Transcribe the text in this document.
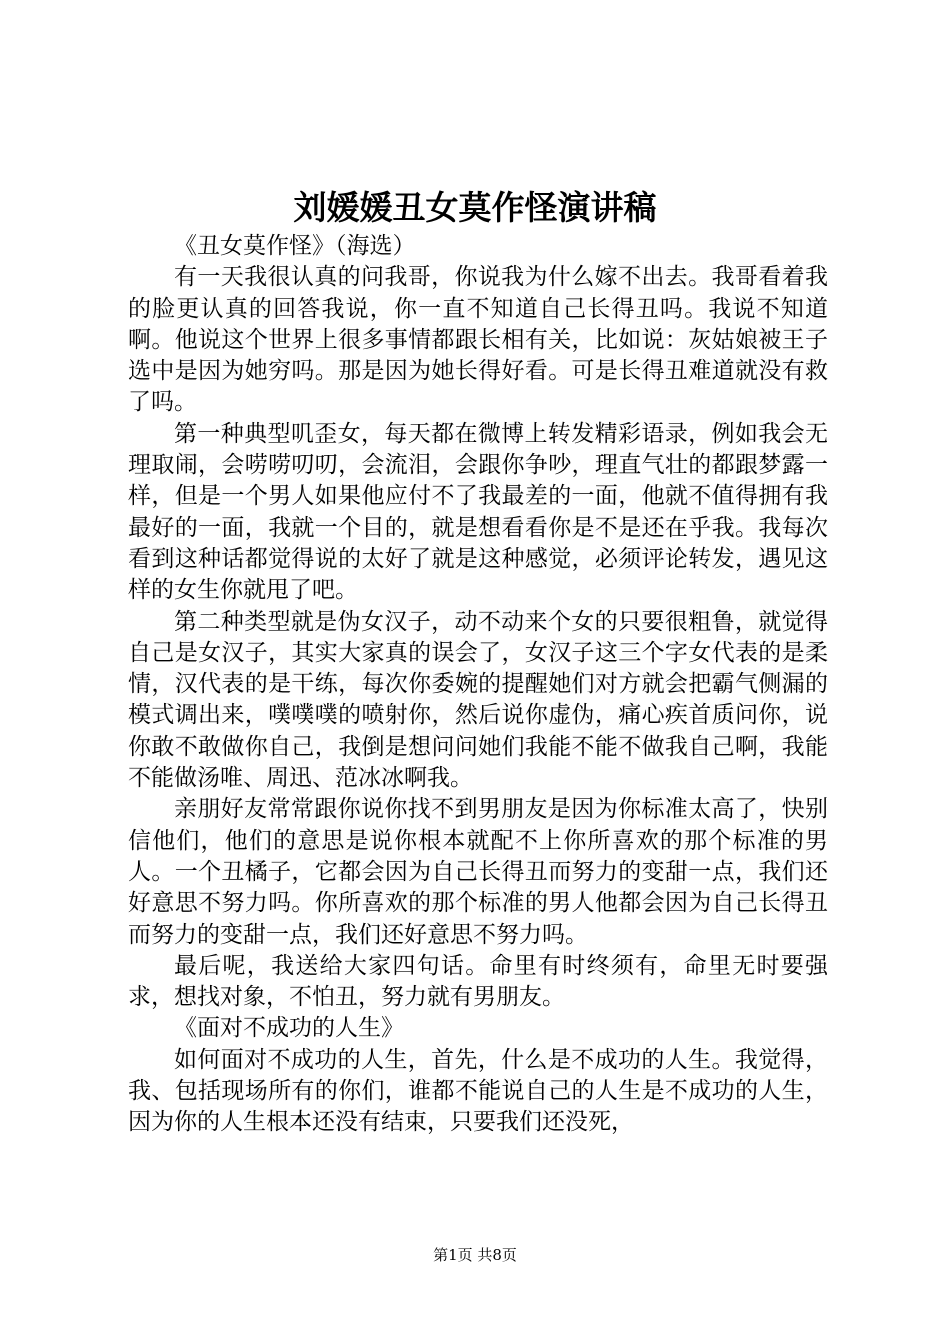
刘媛媛丑女莫作怪演讲稿

《丑女莫作怪》（海选）

有一天我很认真的问我哥，你说我为什么嫁不出去。我哥看着我的脸更认真的回答我说，你一直不知道自己长得丑吗。我说不知道啊。他说这个世界上很多事情都跟长相有关，比如说：灰姑娘被王子选中是因为她穷吗。那是因为她长得好看。可是长得丑难道就没有救了吗。

第一种典型叽歪女，每天都在微博上转发精彩语录，例如我会无理取闹，会唠唠叨叨，会流泪，会跟你争吵，理直气壮的都跟梦露一样，但是一个男人如果他应付不了我最差的一面，他就不值得拥有我最好的一面，我就一个目的，就是想看看你是不是还在乎我。我每次看到这种话都觉得说的太好了就是这种感觉，必须评论转发，遇见这样的女生你就甩了吧。

第二种类型就是伪女汉子，动不动来个女的只要很粗鲁，就觉得自己是女汉子，其实大家真的误会了，女汉子这三个字女代表的是柔情，汉代表的是干练，每次你委婉的提醒她们对方就会把霸气侧漏的模式调出来，噗噗噗的喷射你，然后说你虚伪，痛心疾首质问你，说你敢不敢做你自己，我倒是想问问她们我能不能不做我自己啊，我能不能做汤唯、周迅、范冰冰啊我。

亲朋好友常常跟你说你找不到男朋友是因为你标准太高了，快别信他们，他们的意思是说你根本就配不上你所喜欢的那个标准的男人。一个丑橘子，它都会因为自己长得丑而努力的变甜一点，我们还好意思不努力吗。你所喜欢的那个标准的男人他都会因为自己长得丑而努力的变甜一点，我们还好意思不努力吗。

最后呢，我送给大家四句话。命里有时终须有，命里无时要强求，想找对象，不怕丑，努力就有男朋友。

《面对不成功的人生》

如何面对不成功的人生，首先，什么是不成功的人生。我觉得，我、包括现场所有的你们，谁都不能说自己的人生是不成功的人生，因为你的人生根本还没有结束，只要我们还没死，

第1页 共8页
